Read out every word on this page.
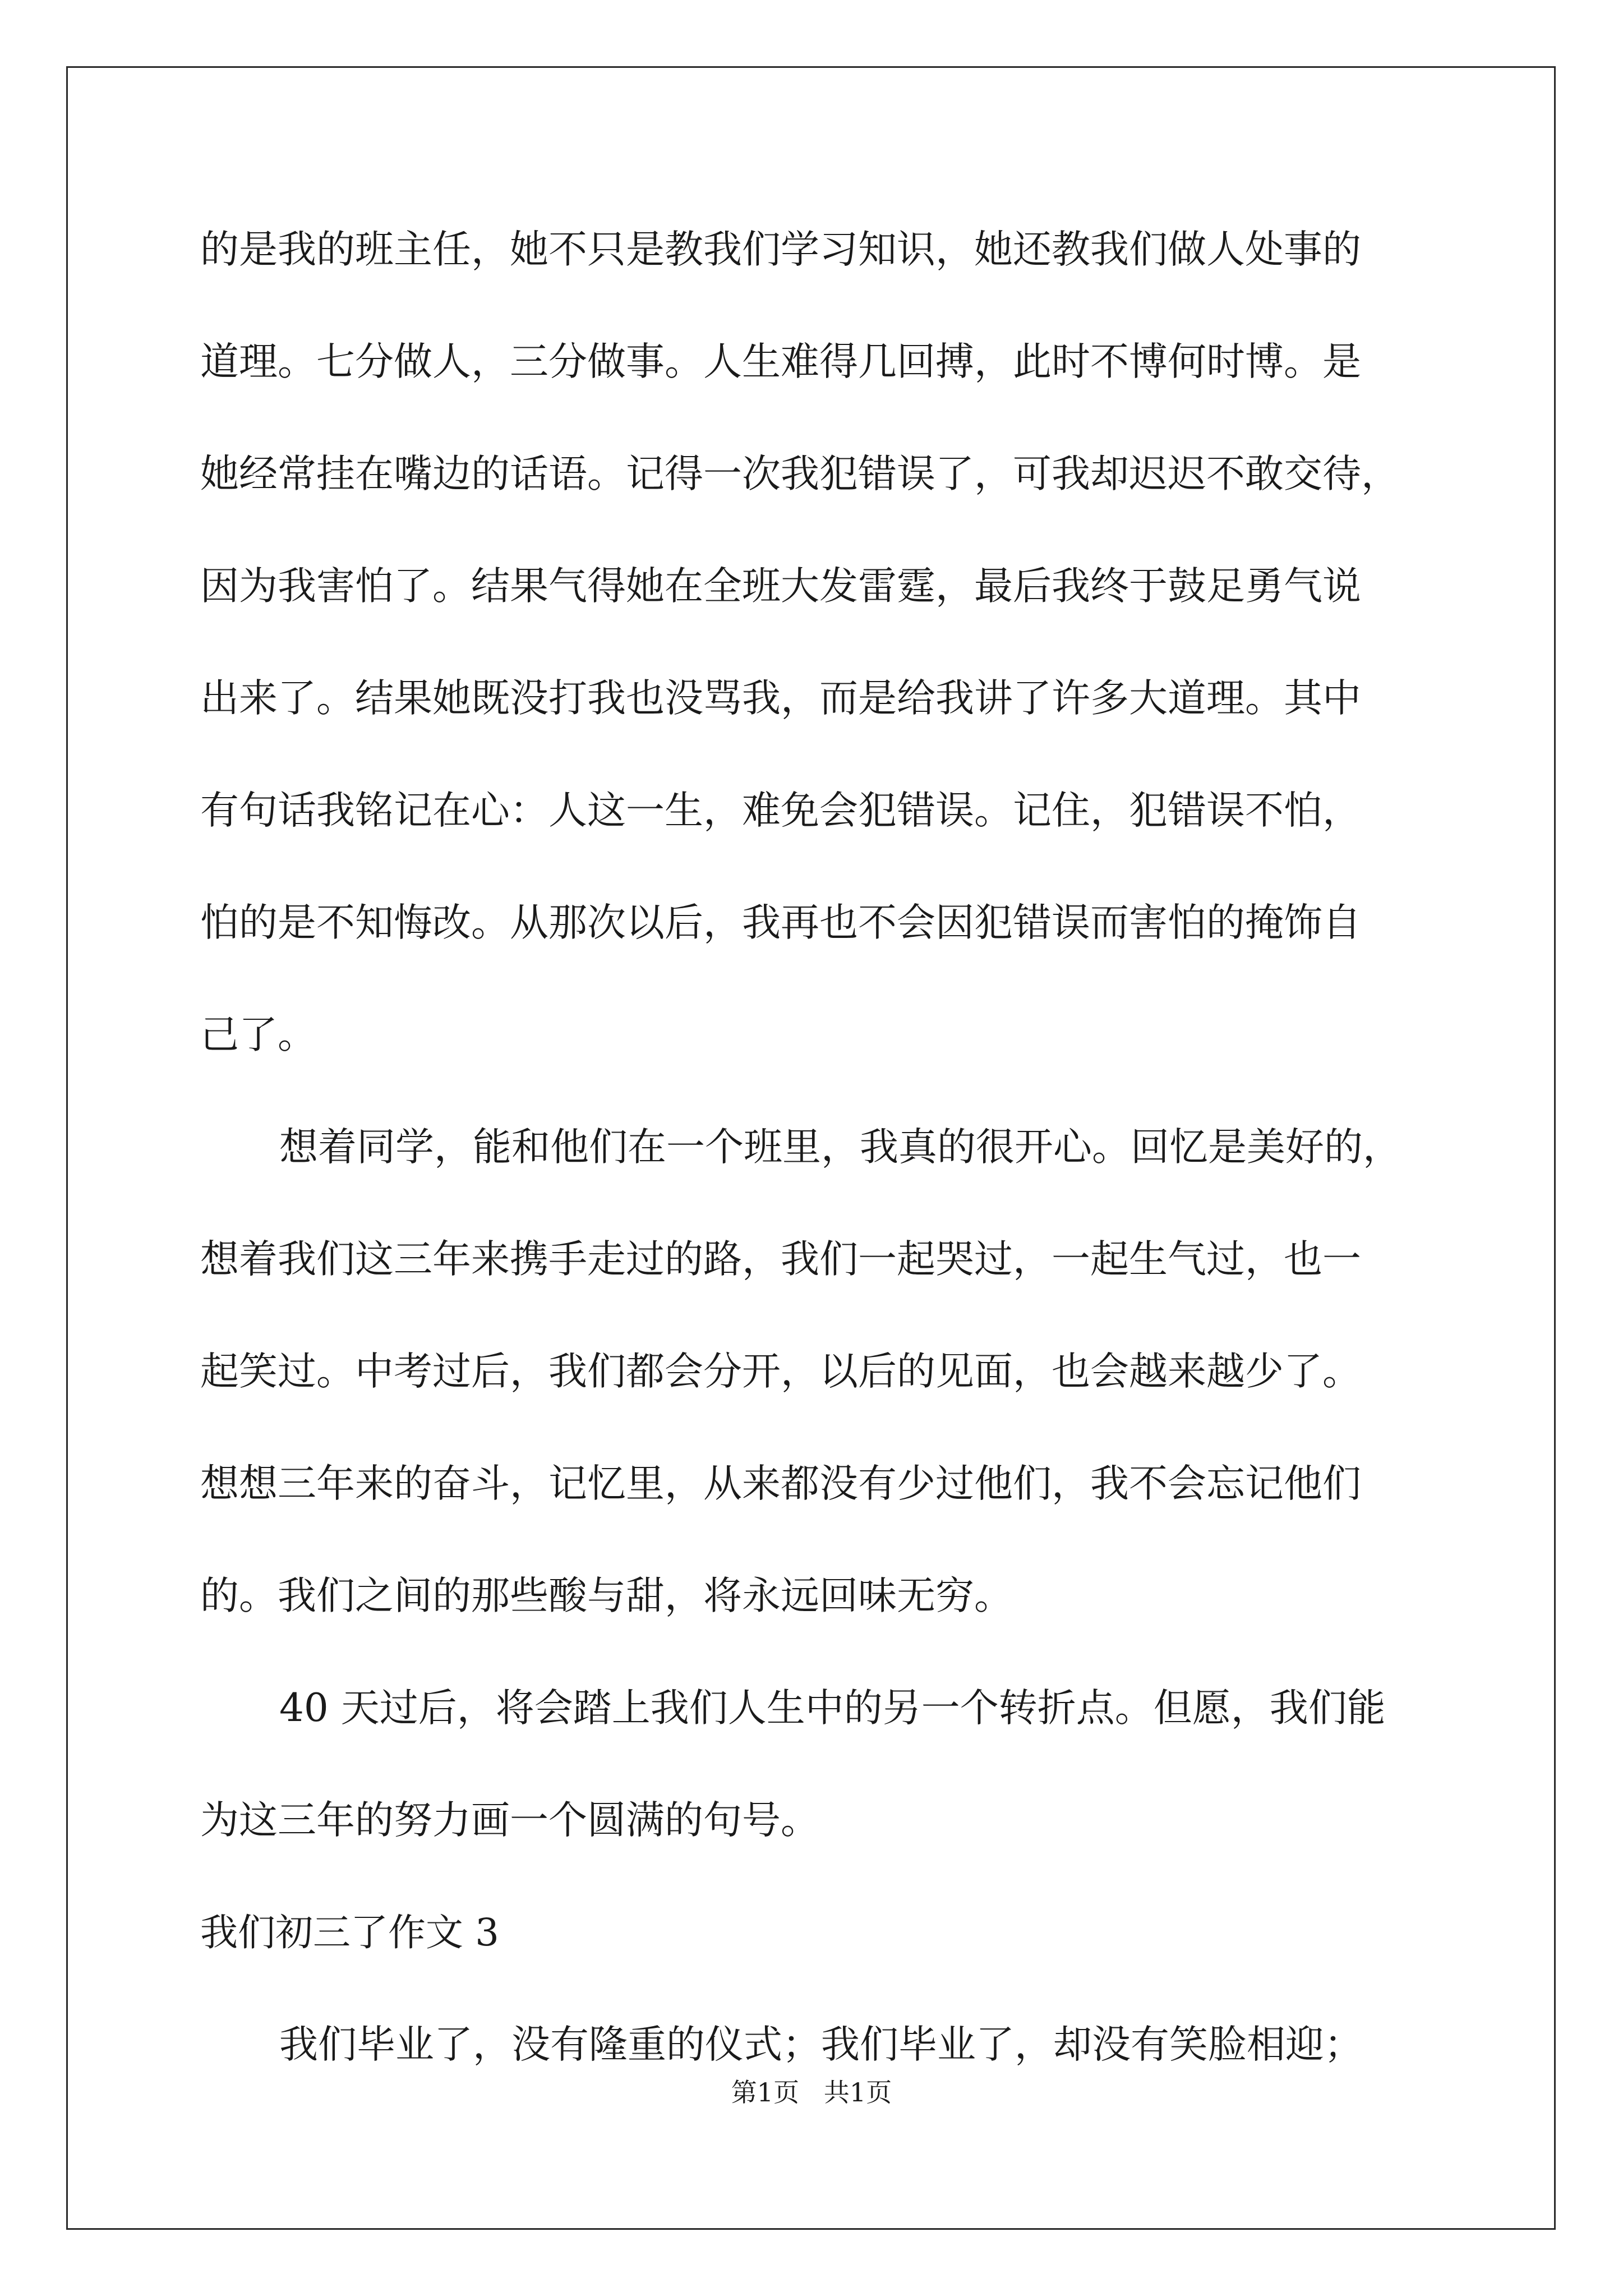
的是我的班主任，她不只是教我们学习知识，她还教我们做人处事的
道理。七分做人，三分做事。人生难得几回搏，此时不博何时博。是
她经常挂在嘴边的话语。记得一次我犯错误了，可我却迟迟不敢交待，
因为我害怕了。结果气得她在全班大发雷霆，最后我终于鼓足勇气说
出来了。结果她既没打我也没骂我，而是给我讲了许多大道理。其中
有句话我铭记在心：人这一生，难免会犯错误。记住，犯错误不怕，
怕的是不知悔改。从那次以后，我再也不会因犯错误而害怕的掩饰自
己了。
想着同学，能和他们在一个班里，我真的很开心。回忆是美好的，
想着我们这三年来携手走过的路，我们一起哭过，一起生气过，也一
起笑过。中考过后，我们都会分开，以后的见面，也会越来越少了。
想想三年来的奋斗，记忆里，从来都没有少过他们，我不会忘记他们
的。我们之间的那些酸与甜，将永远回味无穷。
40 天过后，将会踏上我们人生中的另一个转折点。但愿，我们能
为这三年的努力画一个圆满的句号。
我们初三了作文 3
我们毕业了，没有隆重的仪式；我们毕业了，却没有笑脸相迎；
第1页   共1页
